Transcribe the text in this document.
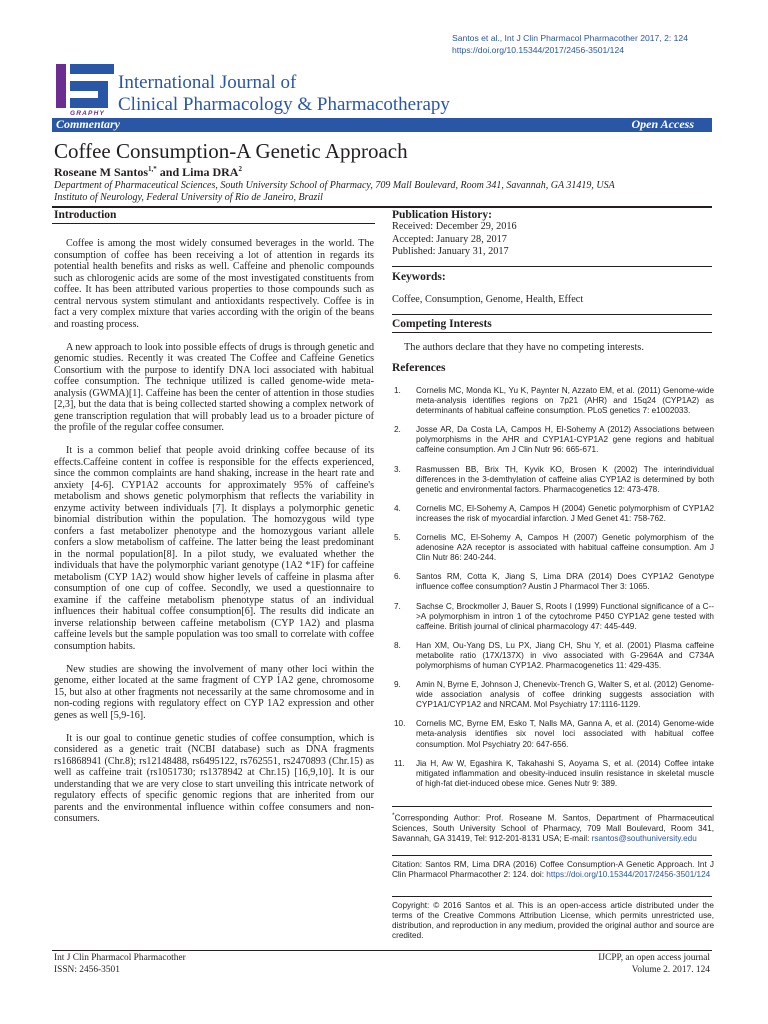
Santos et al., Int J Clin Pharmacol Pharmacother 2017, 2: 124
https://doi.org/10.15344/2017/2456-3501/124
GRAPHY
International Journal of
Clinical Pharmacology & Pharmacotherapy
Commentary	Open Access
Coffee Consumption-A Genetic Approach
Roseane M Santos$^{1,*}$ and Lima DRA$^2$
Department of Pharmaceutical Sciences, South University School of Pharmacy, 709 Mall Boulevard, Room 341, Savannah, GA 31419, USA
Instituto of Neurology, Federal University of Rio de Janeiro, Brazil
Introduction

Coffee is among the most widely consumed beverages in the world. The consumption of coffee has been receiving a lot of attention in regards its potential health benefits and risks as well. Caffeine and phenolic compounds such as chlorogenic acids are some of the most investigated constituents from coffee. It has been attributed various properties to those compounds such as central nervous system stimulant and antioxidants respectively. Coffee is in fact a very complex mixture that varies according with the origin of the beans and roasting process.

A new approach to look into possible effects of drugs is through genetic and genomic studies. Recently it was created The Coffee and Caffeine Genetics Consortium with the purpose to identify DNA loci associated with habitual coffee consumption. The technique utilized is called genome-wide meta-analysis (GWMA)[1]. Caffeine has been the center of attention in those studies [2,3], but the data that is being collected started showing a complex network of gene transcription regulation that will probably lead us to a broader picture of the profile of the regular coffee consumer.

It is a common belief that people avoid drinking coffee because of its effects.Caffeine content in coffee is responsible for the effects experienced, since the common complaints are hand shaking, increase in the heart rate and anxiety [4-6]. CYP1A2 accounts for approximately 95% of caffeine's metabolism and shows genetic polymorphism that reflects the variability in enzyme activity between individuals [7]. It displays a polymorphic genetic binomial distribution within the population. The homozygous wild type confers a fast metabolizer phenotype and the homozygous variant allele confers a slow metabolism of caffeine. The latter being the least predominant in the normal population[8]. In a pilot study, we evaluated whether the individuals that have the polymorphic variant genotype (1A2 *1F) for caffeine metabolism (CYP 1A2) would show higher levels of caffeine in plasma after consumption of one cup of coffee. Secondly, we used a questionnaire to examine if the caffeine metabolism phenotype status of an individual influences their habitual coffee consumption[6]. The results did indicate an inverse relationship between caffeine metabolism (CYP 1A2) and plasma caffeine levels but the sample population was too small to correlate with coffee consumption habits.

New studies are showing the involvement of many other loci within the genome, either located at the same fragment of CYP 1A2 gene, chromosome 15, but also at other fragments not necessarily at the same chromosome and in non-coding regions with regulatory effect on CYP 1A2 expression and other genes as well [5,9-16].

It is our goal to continue genetic studies of coffee consumption, which is considered as a genetic trait (NCBI database) such as DNA fragments rs16868941 (Chr.8); rs12148488, rs6495122, rs762551, rs2470893 (Chr.15) as well as caffeine trait (rs1051730; rs1378942 at Chr.15) [16,9,10]. It is our understanding that we are very close to start unveiling this intricate network of regulatory effects of specific genomic regions that are inherited from our parents and the environmental influence within coffee consumers and non-consumers.

Publication History:
Received: December 29, 2016
Accepted: January 28, 2017
Published: January 31, 2017
Keywords:
Coffee, Consumption, Genome, Health, Effect
Competing Interests
The authors declare that they have no competing interests.
References
1.	Cornelis MC, Monda KL, Yu K, Paynter N, Azzato EM, et al. (2011) Genome-wide meta-analysis identifies regions on 7p21 (AHR) and 15q24 (CYP1A2) as determinants of habitual caffeine consumption. PLoS genetics 7: e1002033.
2.	Josse AR, Da Costa LA, Campos H, El-Sohemy A (2012) Associations between polymorphisms in the AHR and CYP1A1-CYP1A2 gene regions and habitual caffeine consumption. Am J Clin Nutr 96: 665-671.
3.	Rasmussen BB, Brix TH, Kyvik KO, Brosen K (2002) The interindividual differences in the 3-demthylation of caffeine alias CYP1A2 is determined by both genetic and environmental factors. Pharmacogenetics 12: 473-478.
4.	Cornelis MC, El-Sohemy A, Campos H (2004) Genetic polymorphism of CYP1A2 increases the risk of myocardial infarction. J Med Genet 41: 758-762.
5.	Cornelis MC, El-Sohemy A, Campos H (2007) Genetic polymorphism of the adenosine A2A receptor is associated with habitual caffeine consumption. Am J Clin Nutr 86: 240-244.
6.	Santos RM, Cotta K, Jiang S, Lima DRA (2014) Does CYP1A2 Genotype influence coffee consumption? Austin J Pharmacol Ther 3: 1065.
7.	Sachse C, Brockmoller J, Bauer S, Roots I (1999) Functional significance of a C-->A polymorphism in intron 1 of the cytochrome P450 CYP1A2 gene tested with caffeine. British journal of clinical pharmacology 47: 445-449.
8.	Han XM, Ou-Yang DS, Lu PX, Jiang CH, Shu Y, et al. (2001) Plasma caffeine metabolite ratio (17X/137X) in vivo associated with G-2964A and C734A polymorphisms of human CYP1A2. Pharmacogenetics 11: 429-435.
9.	Amin N, Byrne E, Johnson J, Chenevix-Trench G, Walter S, et al. (2012) Genome-wide association analysis of coffee drinking suggests association with CYP1A1/CYP1A2 and NRCAM. Mol Psychiatry 17:1116-1129.
10.	Cornelis MC, Byrne EM, Esko T, Nalls MA, Ganna A, et al. (2014) Genome-wide meta-analysis identifies six novel loci associated with habitual coffee consumption. Mol Psychiatry 20: 647-656.
11.	Jia H, Aw W, Egashira K, Takahashi S, Aoyama S, et al. (2014) Coffee intake mitigated inflammation and obesity-induced insulin resistance in skeletal muscle of high-fat diet-induced obese mice. Genes Nutr 9: 389.
*Corresponding Author: Prof. Roseane M. Santos, Department of Pharmaceutical Sciences, South University School of Pharmacy, 709 Mall Boulevard, Room 341, Savannah, GA 31419, Tel: 912-201-8131 USA; E-mail: rsantos@southuniversity.edu
Citation: Santos RM, Lima DRA (2016) Coffee Consumption-A Genetic Approach. Int J Clin Pharmacol Pharmacother 2: 124. doi: https://doi.org/10.15344/2017/2456-3501/124
Copyright: © 2016 Santos et al. This is an open-access article distributed under the terms of the Creative Commons Attribution License, which permits unrestricted use, distribution, and reproduction in any medium, provided the original author and source are credited.
Int J Clin Pharmacol Pharmacother
ISSN: 2456-3501
IJCPP, an open access journal
Volume 2. 2017. 124
